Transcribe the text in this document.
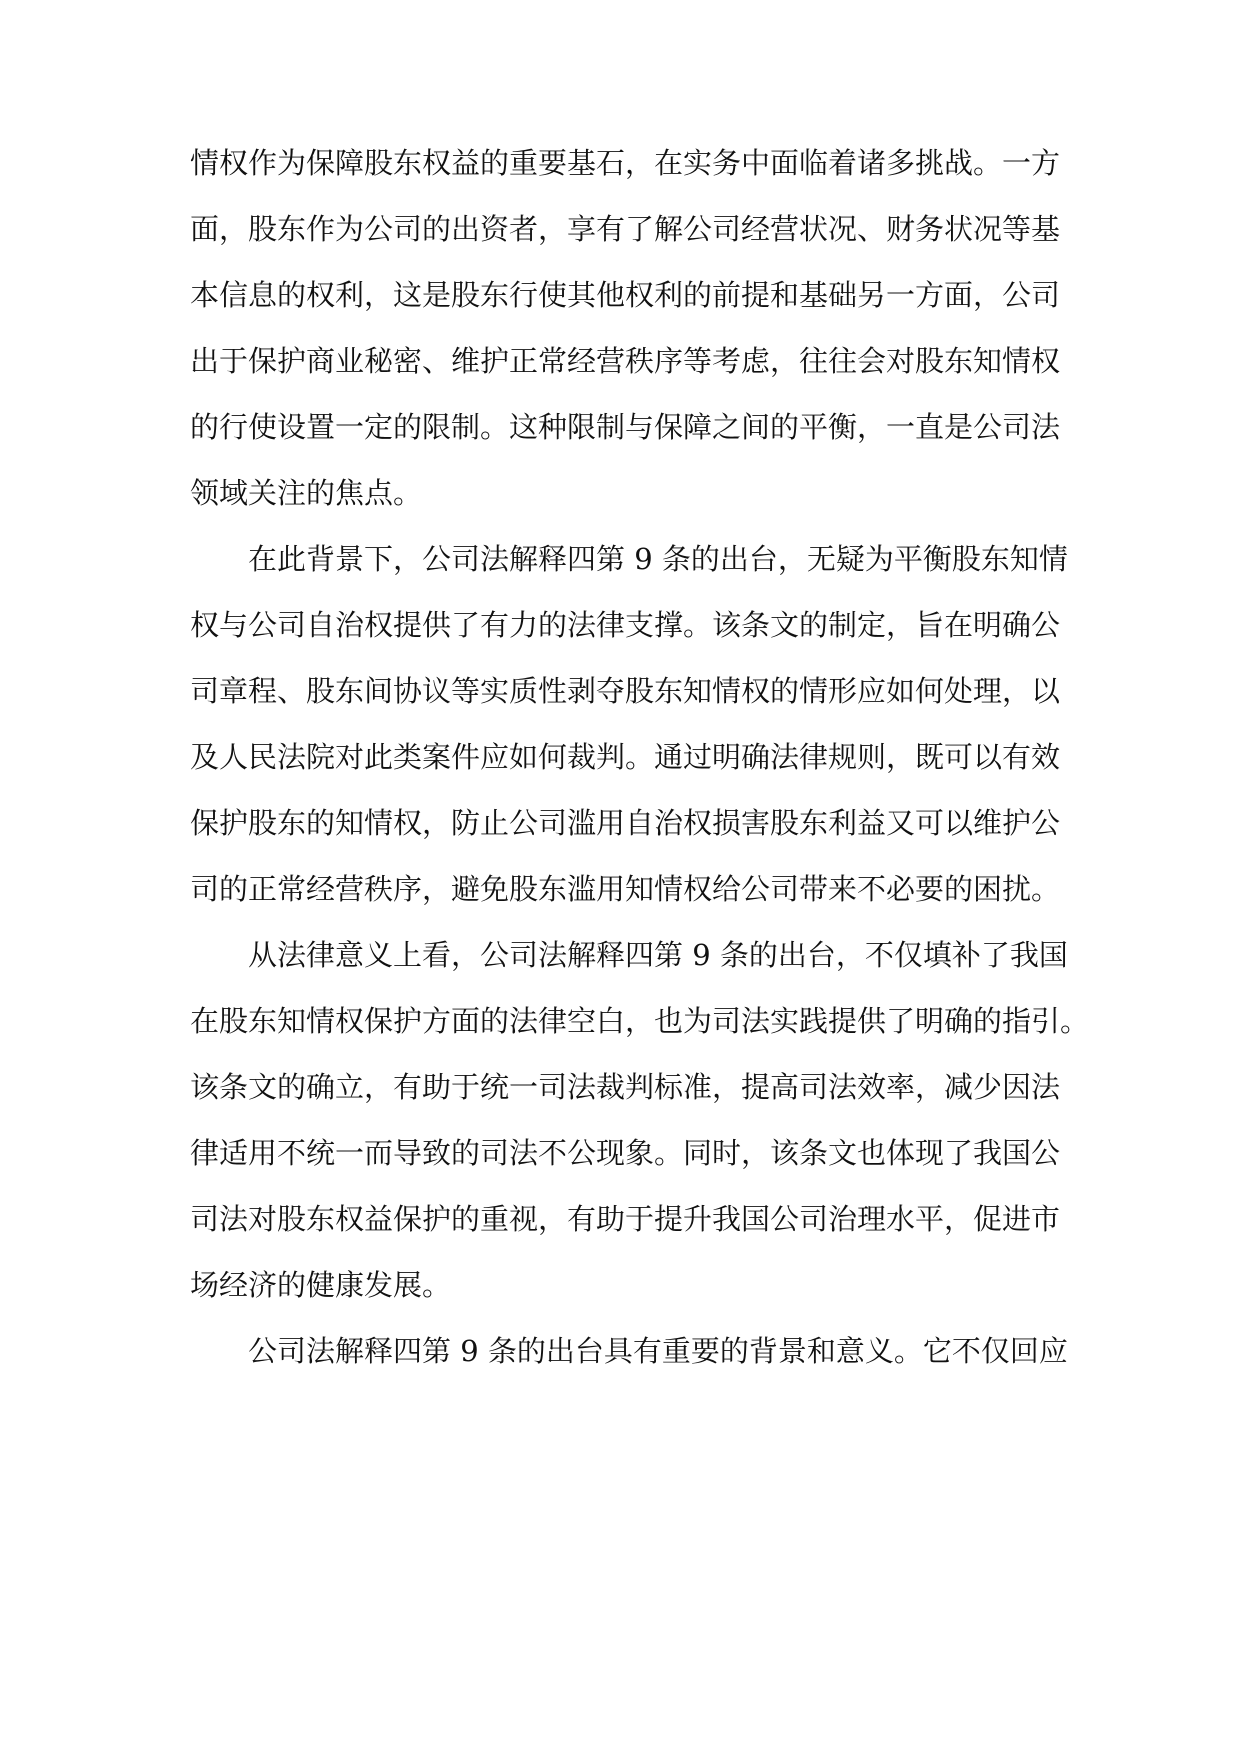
情权作为保障股东权益的重要基石，在实务中面临着诸多挑战。一方
面，股东作为公司的出资者，享有了解公司经营状况、财务状况等基
本信息的权利，这是股东行使其他权利的前提和基础另一方面，公司
出于保护商业秘密、维护正常经营秩序等考虑，往往会对股东知情权
的行使设置一定的限制。这种限制与保障之间的平衡，一直是公司法
领域关注的焦点。
在此背景下，公司法解释四第 9 条的出台，无疑为平衡股东知情
权与公司自治权提供了有力的法律支撑。该条文的制定，旨在明确公
司章程、股东间协议等实质性剥夺股东知情权的情形应如何处理，以
及人民法院对此类案件应如何裁判。通过明确法律规则，既可以有效
保护股东的知情权，防止公司滥用自治权损害股东利益又可以维护公
司的正常经营秩序，避免股东滥用知情权给公司带来不必要的困扰。
从法律意义上看，公司法解释四第 9 条的出台，不仅填补了我国
在股东知情权保护方面的法律空白，也为司法实践提供了明确的指引。
该条文的确立，有助于统一司法裁判标准，提高司法效率，减少因法
律适用不统一而导致的司法不公现象。同时，该条文也体现了我国公
司法对股东权益保护的重视，有助于提升我国公司治理水平，促进市
场经济的健康发展。
公司法解释四第 9 条的出台具有重要的背景和意义。它不仅回应
